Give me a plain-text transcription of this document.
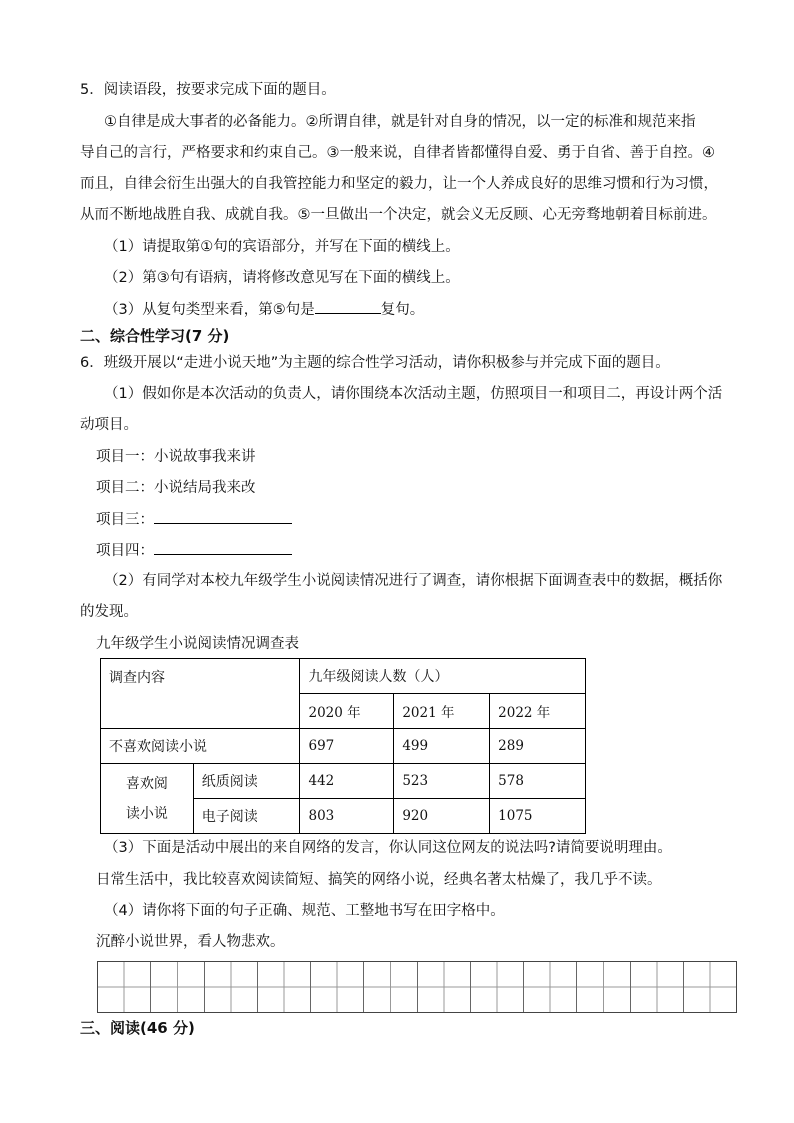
5．阅读语段，按要求完成下面的题目。
①自律是成大事者的必备能力。②所谓自律，就是针对自身的情况，以一定的标准和规范来指
导自己的言行，严格要求和约束自己。③一般来说，自律者皆都懂得自爱、勇于自省、善于自控。④
而且，自律会衍生出强大的自我管控能力和坚定的毅力，让一个人养成良好的思维习惯和行为习惯，
从而不断地战胜自我、成就自我。⑤一旦做出一个决定，就会义无反顾、心无旁骛地朝着目标前进。
（1）请提取第①句的宾语部分，并写在下面的横线上。
（2）第③句有语病，请将修改意见写在下面的横线上。
（3）从复句类型来看，第⑤句是	复句。
二、综合性学习(7 分)
6．班级开展以“走进小说天地”为主题的综合性学习活动，请你积极参与并完成下面的题目。
（1）假如你是本次活动的负责人，请你围绕本次活动主题，仿照项目一和项目二，再设计两个活
动项目。
项目一：小说故事我来讲
项目二：小说结局我来改
项目三：
项目四：
（2）有同学对本校九年级学生小说阅读情况进行了调查，请你根据下面调查表中的数据，概括你
的发现。
九年级学生小说阅读情况调查表
调查内容		九年级阅读人数（人）		
		2020 年	2021 年	2022 年
不喜欢阅读小说		697	499	289

喜欢阅
读小说	纸质阅读	442	523	578
	电子阅读	803	920	1075
（3）下面是活动中展出的来自网络的发言，你认同这位网友的说法吗?请简要说明理由。
日常生活中，我比较喜欢阅读简短、搞笑的网络小说，经典名著太枯燥了，我几乎不读。
（4）请你将下面的句子正确、规范、工整地书写在田字格中。
沉醉小说世界，看人物悲欢。
三、阅读(46 分)
